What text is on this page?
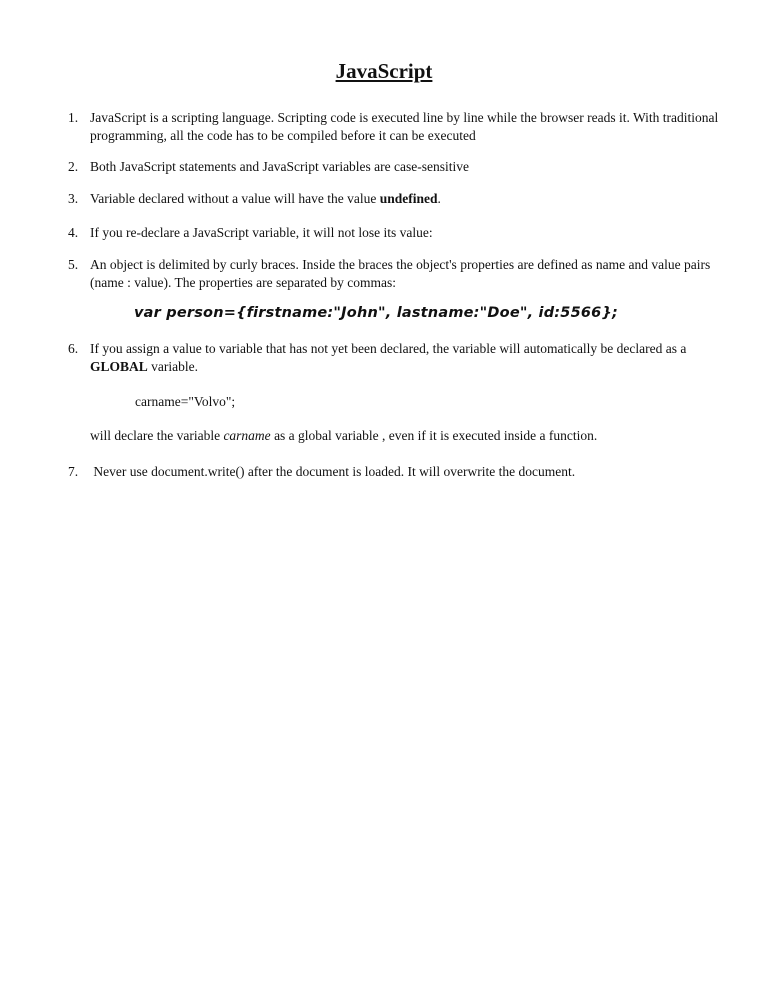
JavaScript
1. JavaScript is a scripting language. Scripting code is executed line by line while the browser reads it. With traditional programming, all the code has to be compiled before it can be executed
2. Both JavaScript statements and JavaScript variables are case-sensitive
3. Variable declared without a value will have the value undefined.
4. If you re-declare a JavaScript variable, it will not lose its value:
5. An object is delimited by curly braces. Inside the braces the object's properties are defined as name and value pairs (name : value). The properties are separated by commas:
var person={firstname:"John", lastname:"Doe", id:5566};
6. If you assign a value to variable that has not yet been declared, the variable will automatically be declared as a GLOBAL variable.
carname="Volvo";
will declare the variable carname as a global variable , even if it is executed inside a function.
7. Never use document.write() after the document is loaded. It will overwrite the document.
